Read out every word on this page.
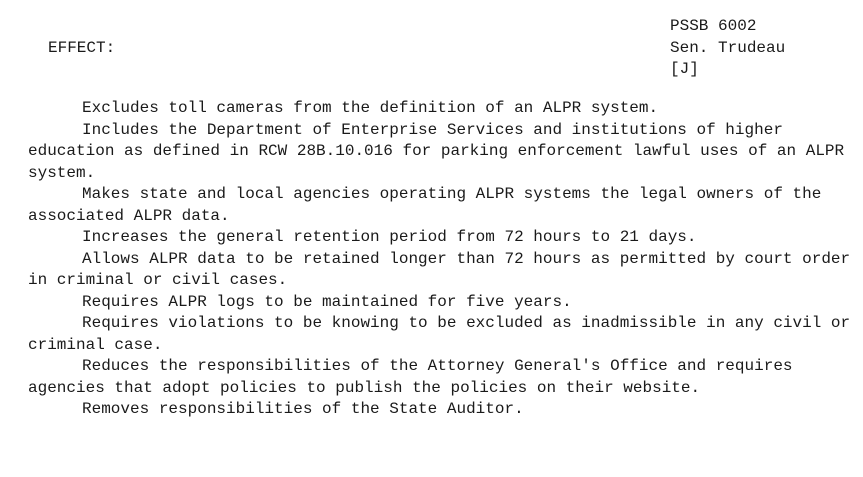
EFFECT:
PSSB 6002
Sen. Trudeau
[J]
Excludes toll cameras from the definition of an ALPR system.
Includes the Department of Enterprise Services and institutions of higher education as defined in RCW 28B.10.016 for parking enforcement lawful uses of an ALPR system.
Makes state and local agencies operating ALPR systems the legal owners of the associated ALPR data.
Increases the general retention period from 72 hours to 21 days.
Allows ALPR data to be retained longer than 72 hours as permitted by court order in criminal or civil cases.
Requires ALPR logs to be maintained for five years.
Requires violations to be knowing to be excluded as inadmissible in any civil or criminal case.
Reduces the responsibilities of the Attorney General's Office and requires agencies that adopt policies to publish the policies on their website.
Removes responsibilities of the State Auditor.
